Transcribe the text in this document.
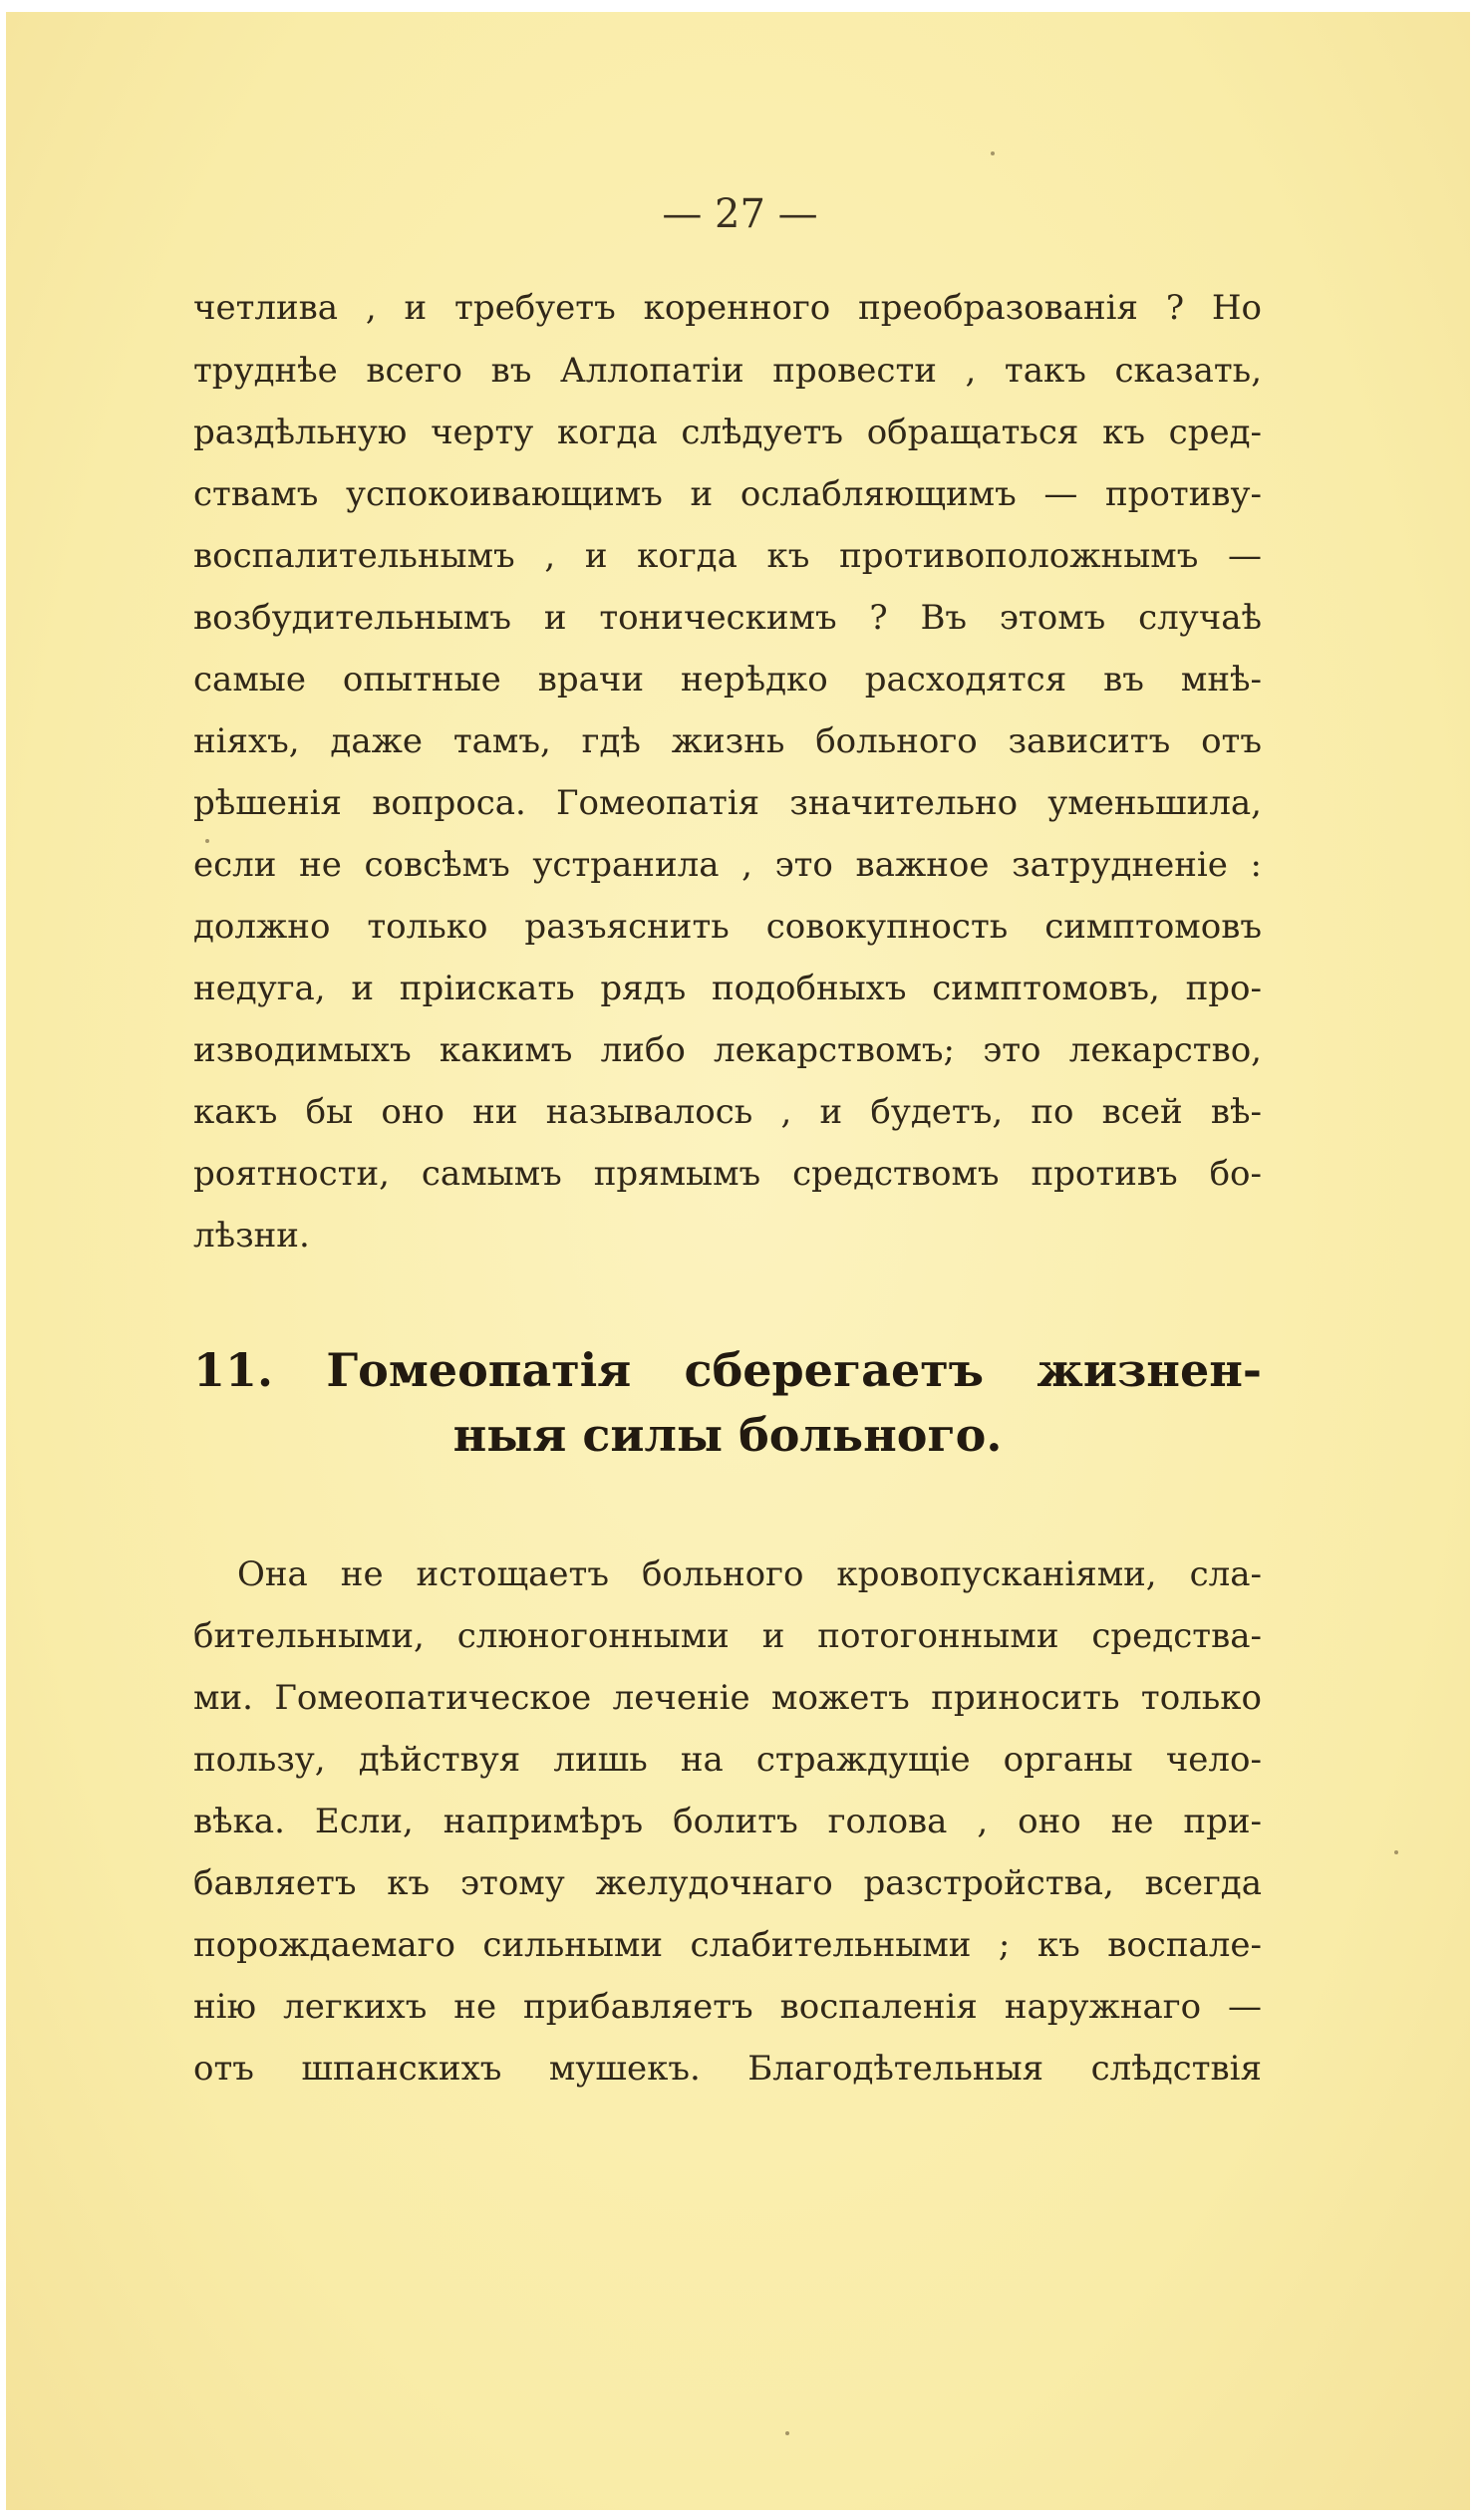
— 27 —
четлива , и требуетъ коренного преобразованія ? Но
труднѣе всего въ Аллопатіи провести , такъ сказать,
раздѣльную черту когда слѣдуетъ обращаться къ сред-
ствамъ успокоивающимъ и ослабляющимъ — противу-
воспалительнымъ , и когда къ противоположнымъ —
возбудительнымъ и тоническимъ ? Въ этомъ случаѣ
самые опытные врачи нерѣдко расходятся въ мнѣ-
ніяхъ, даже тамъ, гдѣ жизнь больного зависитъ отъ
рѣшенія вопроса. Гомеопатія значительно уменьшила,
если не совсѣмъ устранила , это важное затрудненіе :
должно только разъяснить совокупность симптомовъ
недуга, и пріискать рядъ подобныхъ симптомовъ, про-
изводимыхъ какимъ либо лекарствомъ; это лекарство,
какъ бы оно ни называлось , и будетъ, по всей вѣ-
роятности, самымъ прямымъ средствомъ противъ бо-
лѣзни.
11. Гомеопатія сберегаетъ жизнен-
ныя силы больного.
Она не истощаетъ больного кровопусканіями, сла-
бительными, слюногонными и потогонными средства-
ми. Гомеопатическое леченіе можетъ приносить только
пользу, дѣйствуя лишь на страждущіе органы чело-
вѣка. Если, напримѣръ болитъ голова , оно не при-
бавляетъ къ этому желудочнаго разстройства, всегда
порождаемаго сильными слабительными ; къ воспале-
нію легкихъ не прибавляетъ воспаленія наружнаго —
отъ шпанскихъ мушекъ. Благодѣтельныя слѣдствія
